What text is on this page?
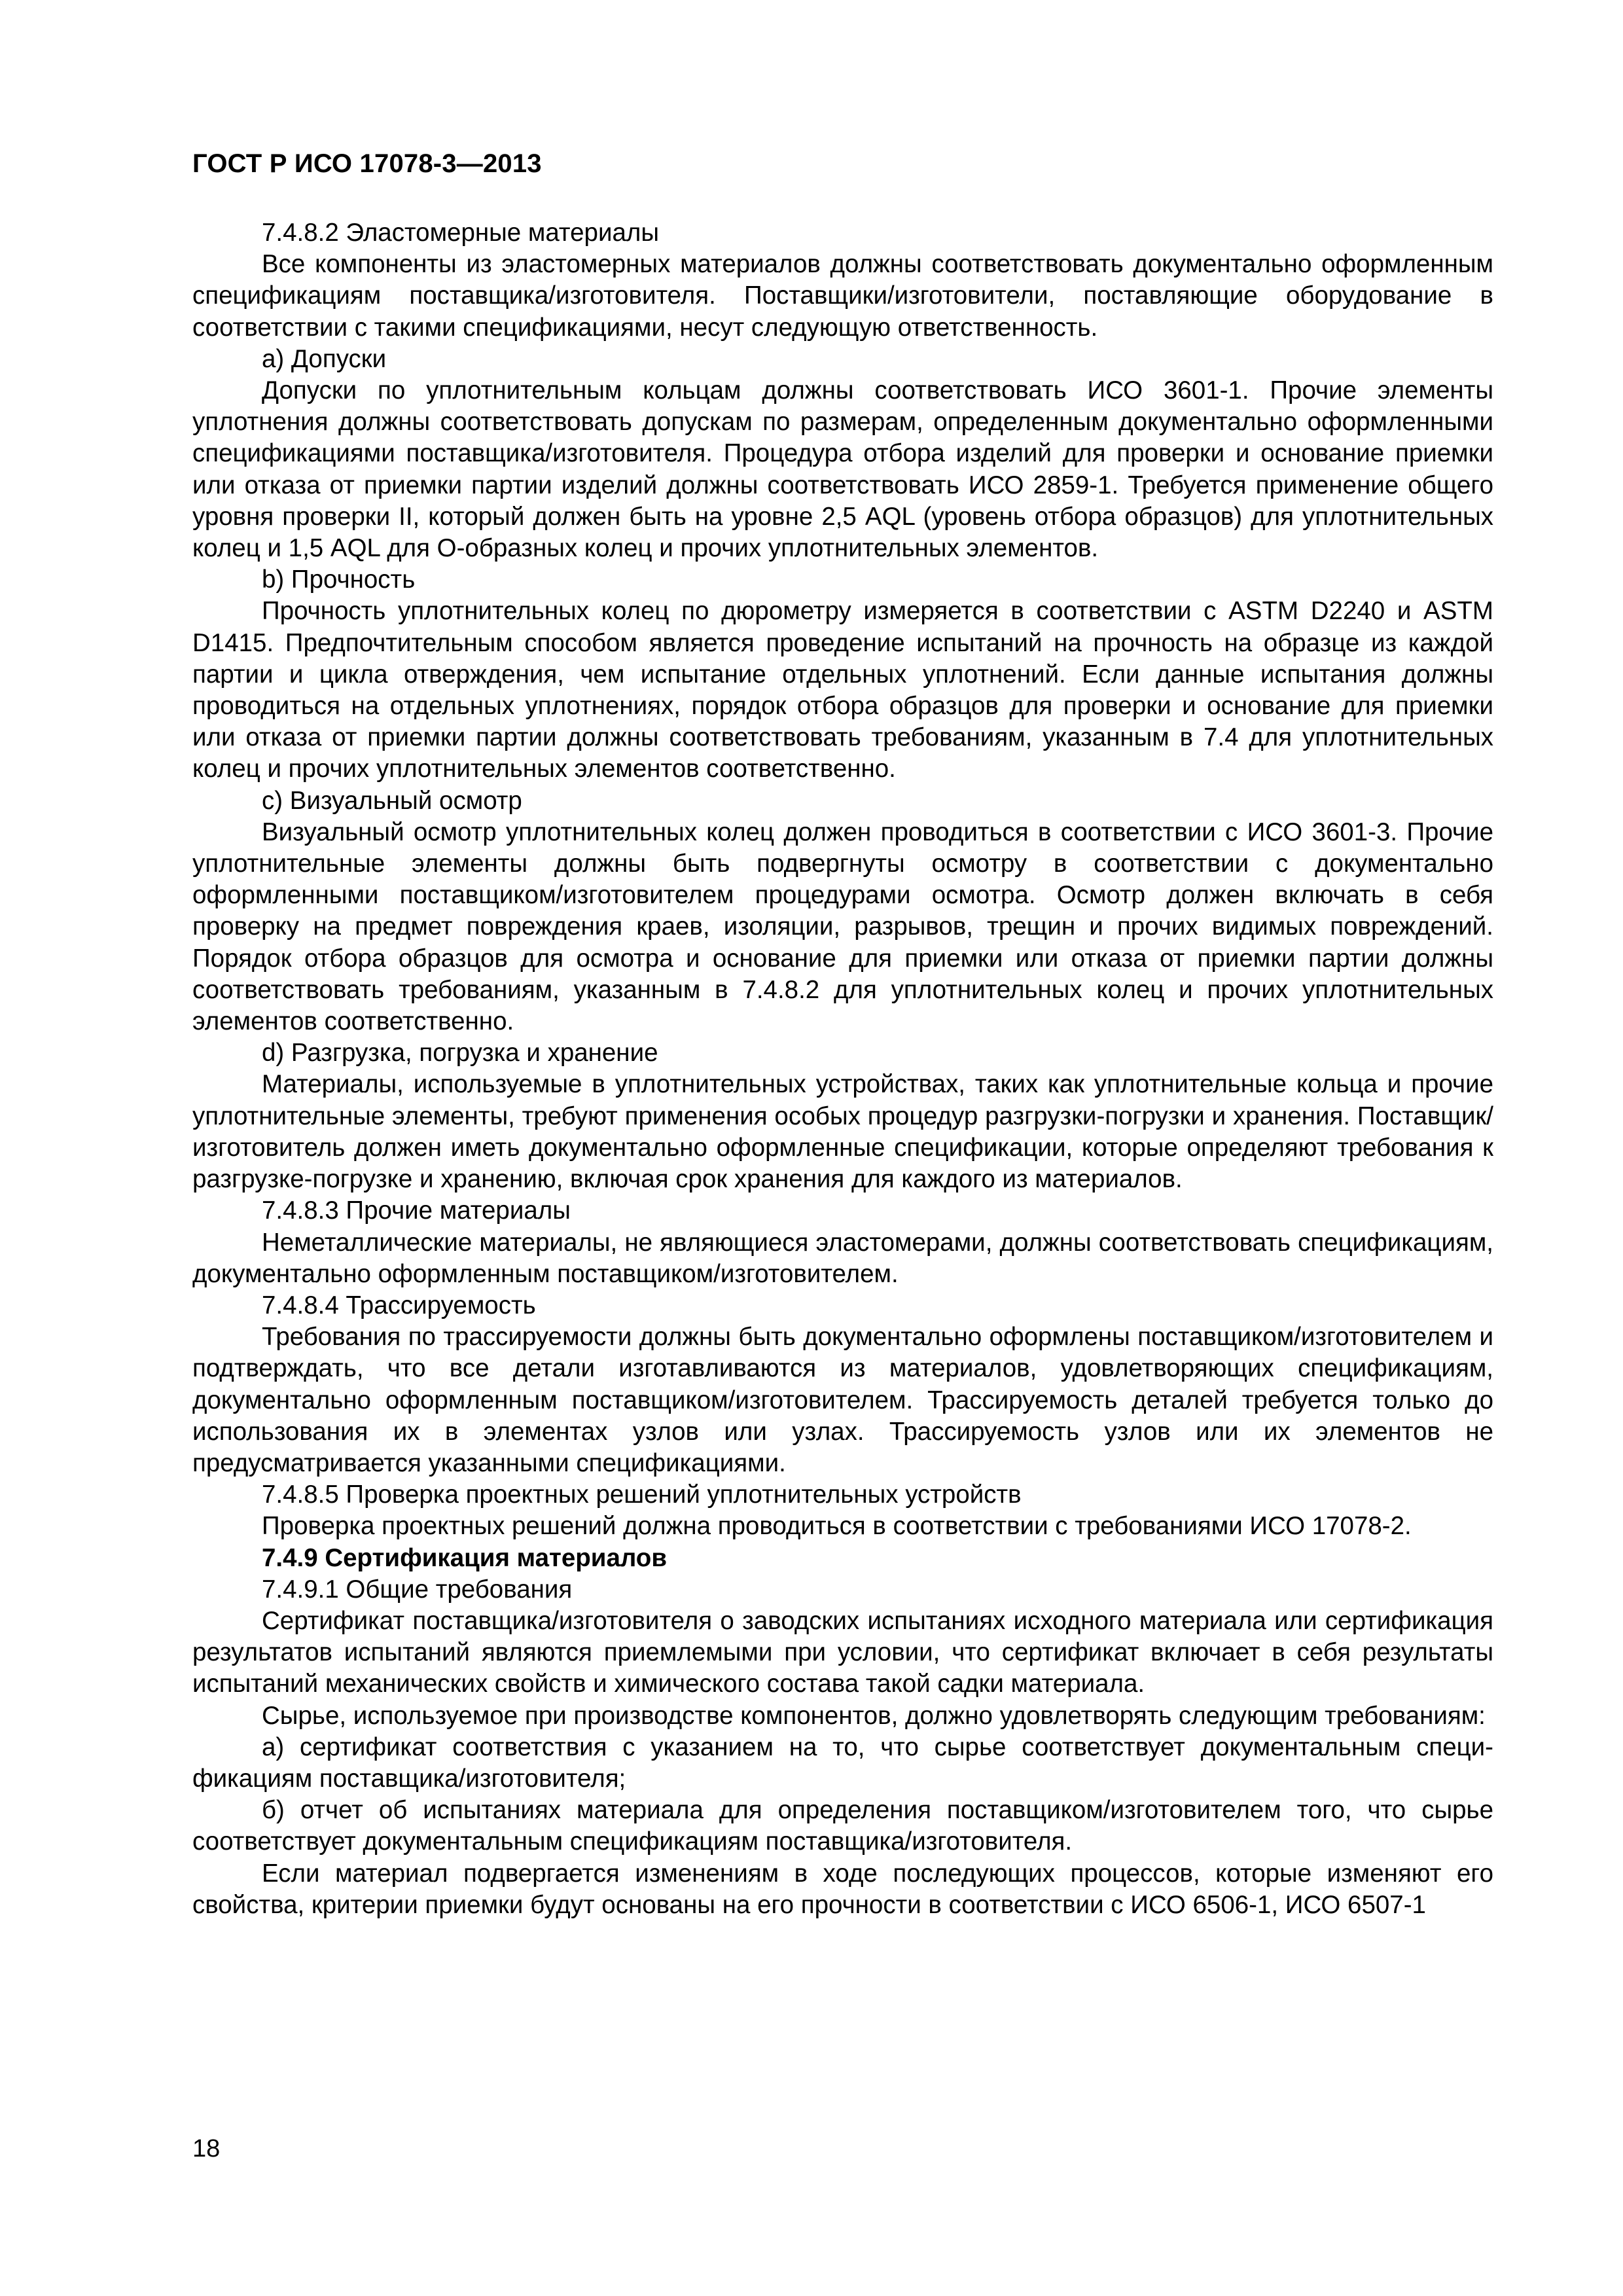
ГОСТ Р ИСО 17078-3—2013

7.4.8.2 Эластомерные материалы

Все компоненты из эластомерных материалов должны соответствовать документально оформленным спецификациям поставщика/изготовителя. Поставщики/изготовители, поставляющие оборудование в соответствии с такими спецификациями, несут следующую ответственность.

а) Допуски

Допуски по уплотнительным кольцам должны соответствовать ИСО 3601-1. Прочие элементы уплотнения должны соответствовать допускам по размерам, определенным документально оформленными спецификациями поставщика/изготовителя. Процедура отбора изделий для проверки и основание приемки или отказа от приемки партии изделий должны соответствовать ИСО 2859-1. Требуется применение общего уровня проверки II, который должен быть на уровне 2,5 AQL (уровень отбора образцов) для уплотнительных колец и 1,5 AQL для О-образных колец и прочих уплотнительных элементов.

b) Прочность

Прочность уплотнительных колец по дюрометру измеряется в соответствии с ASTM D2240 и ASTM D1415. Предпочтительным способом является проведение испытаний на прочность на образце из каждой партии и цикла отверждения, чем испытание отдельных уплотнений. Если данные испытания должны проводиться на отдельных уплотнениях, порядок отбора образцов для проверки и основание для приемки или отказа от приемки партии должны соответствовать требованиям, указанным в 7.4 для уплотнительных колец и прочих уплотнительных элементов соответственно.

с) Визуальный осмотр

Визуальный осмотр уплотнительных колец должен проводиться в соответствии с ИСО 3601-3. Прочие уплотнительные элементы должны быть подвергнуты осмотру в соответствии с документально оформленными поставщиком/изготовителем процедурами осмотра. Осмотр должен включать в себя проверку на предмет повреждения краев, изоляции, разрывов, трещин и прочих видимых повреждений. Порядок отбора образцов для осмотра и основание для приемки или отказа от приемки партии должны соответствовать требованиям, указанным в 7.4.8.2 для уплотнительных колец и прочих уплотнительных элементов соответственно.

d) Разгрузка, погрузка и хранение

Материалы, используемые в уплотнительных устройствах, таких как уплотнительные кольца и прочие уплотнительные элементы, требуют применения особых процедур разгрузки-погрузки и хранения. Поставщик/изготовитель должен иметь документально оформленные спецификации, которые определяют требования к разгрузке-погрузке и хранению, включая срок хранения для каждого из материалов.

7.4.8.3 Прочие материалы

Неметаллические материалы, не являющиеся эластомерами, должны соответствовать спецификациям, документально оформленным поставщиком/изготовителем.

7.4.8.4 Трассируемость

Требования по трассируемости должны быть документально оформлены поставщиком/изготовителем и подтверждать, что все детали изготавливаются из материалов, удовлетворяющих спецификациям, документально оформленным поставщиком/изготовителем. Трассируемость деталей требуется только до использования их в элементах узлов или узлах. Трассируемость узлов или их элементов не предусматривается указанными спецификациями.

7.4.8.5 Проверка проектных решений уплотнительных устройств

Проверка проектных решений должна проводиться в соответствии с требованиями ИСО 17078-2.

7.4.9 Сертификация материалов

7.4.9.1 Общие требования

Сертификат поставщика/изготовителя о заводских испытаниях исходного материала или сертификация результатов испытаний являются приемлемыми при условии, что сертификат включает в себя результаты испытаний механических свойств и химического состава такой садки материала.

Сырье, используемое при производстве компонентов, должно удовлетворять следующим требованиям:

а) сертификат соответствия с указанием на то, что сырье соответствует документальным спецификациям поставщика/изготовителя;

б) отчет об испытаниях материала для определения поставщиком/изготовителем того, что сырье соответствует документальным спецификациям поставщика/изготовителя.

Если материал подвергается изменениям в ходе последующих процессов, которые изменяют его свойства, критерии приемки будут основаны на его прочности в соответствии с ИСО 6506-1, ИСО 6507-1

18
